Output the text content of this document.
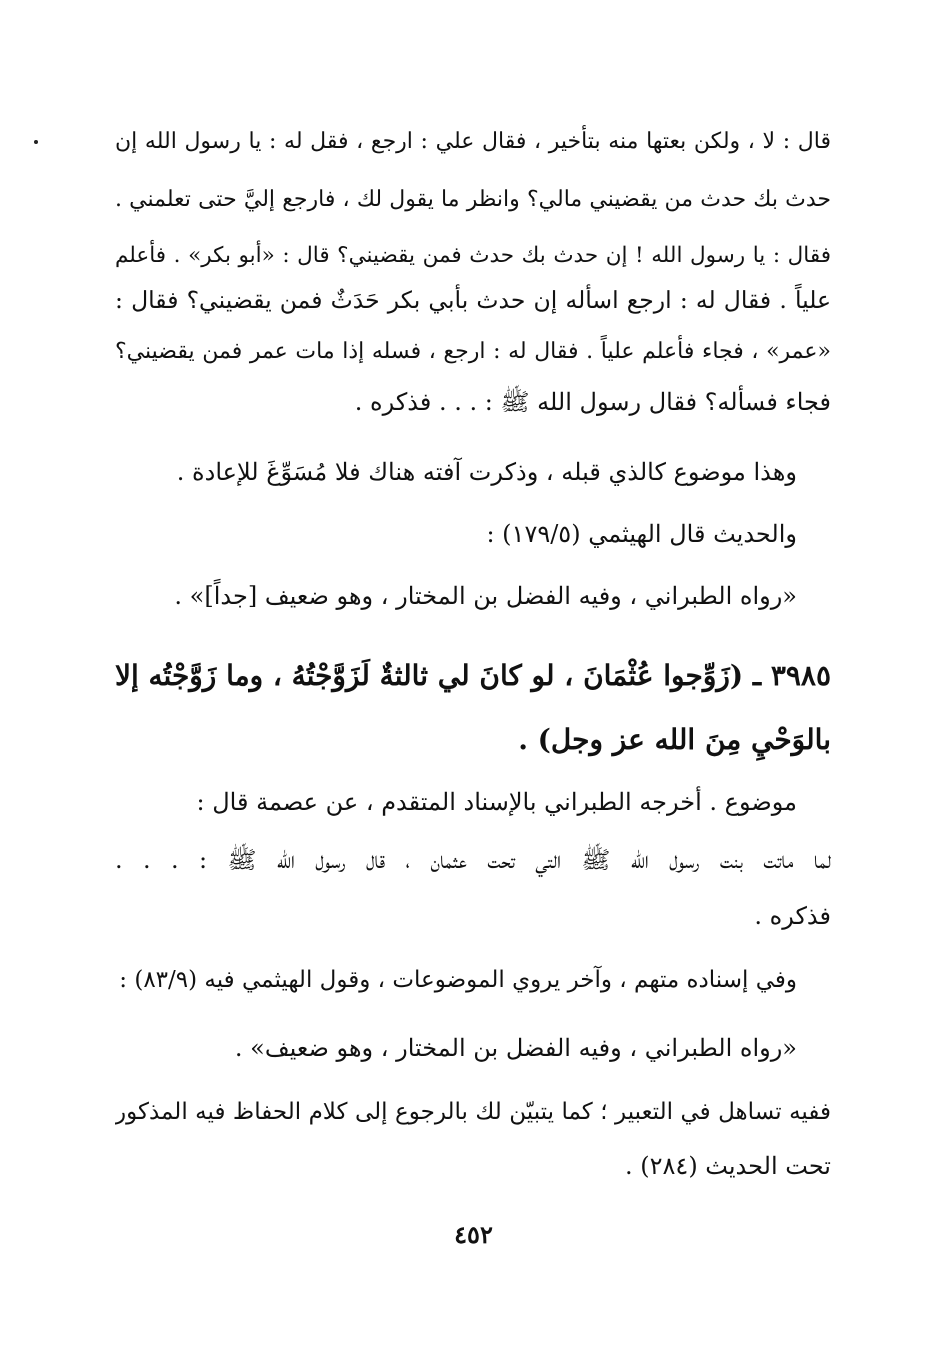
قال : لا ، ولكن بعتها منه بتأخير ، فقال علي : ارجع ، فقل له : يا رسول الله إن
حدث بك حدث من يقضيني مالي؟ وانظر ما يقول لك ، فارجع إليَّ حتى تعلمني .
فقال : يا رسول الله ! إن حدث بك حدث فمن يقضيني؟ قال : «أبو بكر» . فأعلم
علياً . فقال له : ارجع اسأله إن حدث بأبي بكر حَدَثٌ فمن يقضيني؟ فقال :
«عمر» ، فجاء فأعلم علياً . فقال له : ارجع ، فسله إذا مات عمر فمن يقضيني؟
فجاء فسأله؟ فقال رسول الله ﷺ : . . . فذكره .
وهذا موضوع كالذي قبله ، وذكرت آفته هناك فلا مُسَوِّغَ للإعادة .
والحديث قال الهيثمي (١٧٩/٥) :
«رواه الطبراني ، وفيه الفضل بن المختار ، وهو ضعيف [جداً]» .
٣٩٨٥ ـ (زَوِّجوا عُثْمَانَ ، لو كانَ لي ثالثةٌ لَزَوَّجْتُهُ ، وما زَوَّجْتُه إلا
بالوَحْيِ مِنَ الله عز وجل) .
موضوع . أخرجه الطبراني بالإسناد المتقدم ، عن عصمة قال :
لما ماتت بنت رسول الله ﷺ التي تحت عثمان ، قال رسول الله ﷺ : . . .
فذكره .
وفي إسناده متهم ، وآخر يروي الموضوعات ، وقول الهيثمي فيه (٨٣/٩) :
«رواه الطبراني ، وفيه الفضل بن المختار ، وهو ضعيف» .
ففيه تساهل في التعبير ؛ كما يتبيّن لك بالرجوع إلى كلام الحفاظ فيه المذكور
تحت الحديث (٢٨٤) .
٤٥٢
